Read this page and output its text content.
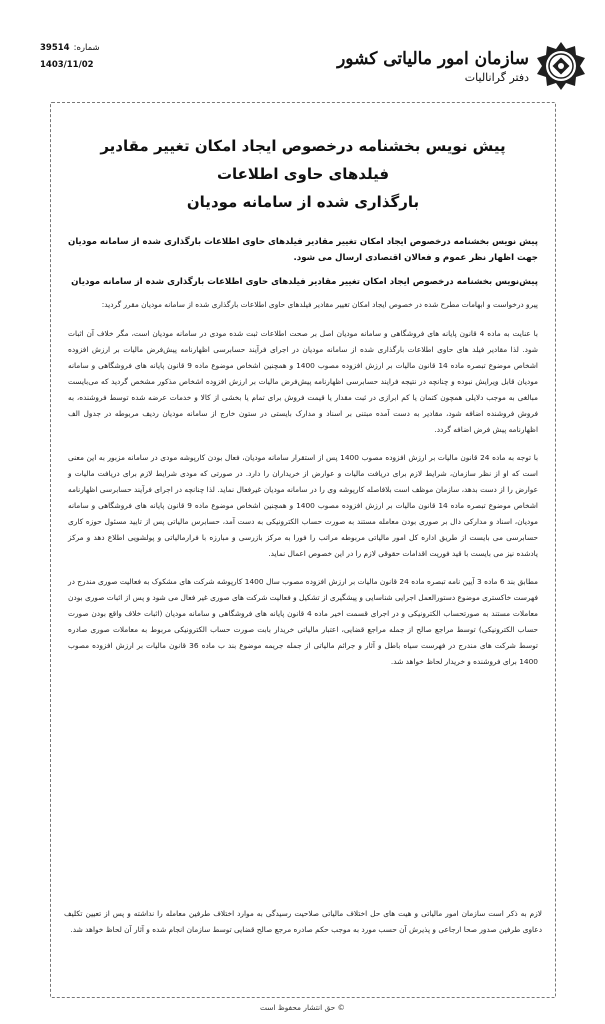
شماره:
39514
1403/11/02	سازمان امور مالیاتی کشور
دفتر گرانالیات
پیش نویس بخشنامه درخصوص ایجاد امکان تغییر مقادیر فیلدهای حاوی اطلاعات
بارگذاری شده از سامانه مودیان
پیش نویس بخشنامه درخصوص ایجاد امکان تغییر مقادیر فیلدهای حاوی اطلاعات بارگذاری شده از سامانه مودیان جهت اظهار نظر عموم و فعالان اقتصادی ارسال می شود.
پیش‌نویس بخشنامه درخصوص ایجاد امکان تغییر مقادیر فیلدهای حاوی اطلاعات بارگذاری شده از سامانه مودیان
پیرو درخواست و ابهامات مطرح شده در خصوص ایجاد امکان تغییر مقادیر فیلدهای حاوی اطلاعات بارگذاری شده از سامانه مودیان مقرر گردید:
با عنایت به ماده 4 قانون پایانه های فروشگاهی و سامانه مودیان اصل بر صحت اطلاعات ثبت شده مودی در سامانه مودیان است، مگر خلاف آن اثبات شود. لذا مقادیر فیلد های حاوی اطلاعات بارگذاری شده از سامانه مودیان در اجرای فرآیند حسابرسی اظهارنامه پیش‌فرض مالیات بر ارزش افزوده اشخاص موضوع تبصره ماده 14 قانون مالیات بر ارزش افزوده مصوب 1400 و همچنین اشخاص موضوع ماده 9 قانون پایانه های فروشگاهی و سامانه مودیان قابل ویرایش نبوده و چنانچه در نتیجه فرایند حسابرسی اظهارنامه پیش‌فرض مالیات بر ارزش افزوده اشخاص مذکور مشخص گردید که می‌بایست مبالغی به موجب دلایلی همچون کتمان یا کم ابرازی در ثبت مقدار یا قیمت فروش برای تمام یا بخشی از کالا و خدمات عرضه شده توسط فروشنده، به فروش فروشنده اضافه شود، مقادیر به دست آمده مبتنی بر اسناد و مدارک بایستی در ستون خارج از سامانه مودیان ردیف مربوطه در جدول الف اظهارنامه پیش فرض اضافه گردد.
با توجه به ماده 24 قانون مالیات بر ارزش افزوده مصوب 1400 پس از استقرار سامانه مودیان، فعال بودن کارپوشه مودی در سامانه مزبور به این معنی است که او از نظر سازمان، شرایط لازم برای دریافت مالیات و عوارض از خریداران را دارد. در صورتی که مودی شرایط لازم برای دریافت مالیات و عوارض را از دست بدهد، سازمان موظف است بلافاصله کارپوشه وی را در سامانه مودیان غیرفعال نماید. لذا چنانچه در اجرای فرآیند حسابرسی اظهارنامه اشخاص موضوع تبصره ماده 14 قانون مالیات بر ارزش افزوده مصوب 1400 و همچنین اشخاص موضوع ماده 9 قانون پایانه های فروشگاهی و سامانه مودیان، اسناد و مدارکی دال بر صوری بودن معامله مستند به صورت حساب الکترونیکی به دست آمد، حسابرس مالیاتی پس از تایید مسئول حوزه کاری حسابرسی می بایست از طریق اداره کل امور مالیاتی مربوطه مراتب را فورا به مرکز بازرسی و مبارزه با فرارمالیاتی و پولشویی اطلاع دهد و مرکز یادشده نیز می بایست با قید فوریت اقدامات حقوقی لازم را در این خصوص اعمال نماید.
مطابق بند 6 ماده 3 آیین نامه تبصره ماده 24 قانون مالیات بر ارزش افزوده مصوب سال 1400 کارپوشه شرکت های مشکوک به فعالیت صوری مندرج در فهرست خاکستری موضوع دستورالعمل اجرایی شناسایی و پیشگیری از تشکیل و فعالیت شرکت های صوری غیر فعال می شود و پس از اثبات صوری بودن معاملات مستند به صورتحساب الکترونیکی و در اجرای قسمت اخیر ماده 4 قانون پایانه های فروشگاهی و سامانه مودیان (اثبات خلاف واقع بودن صورت حساب الکترونیکی) توسط مراجع صالح از جمله مراجع قضایی، اعتبار مالیاتی خریدار بابت صورت حساب الکترونیکی مربوط به معاملات صوری صادره توسط شرکت های مندرج در فهرست سیاه باطل و آثار و جرائم مالیاتی از جمله جریمه موضوع بند ب ماده 36 قانون مالیات بر ارزش افزوده مصوب 1400 برای فروشنده و خریدار لحاظ خواهد شد.
لازم به ذکر است سازمان امور مالیاتی و هیت های حل اختلاف مالیاتی صلاحیت رسیدگی به موارد اختلاف طرفین معامله را نداشته و پس از تعیین تکلیف دعاوی طرفین صدور صحا ارجاعی و پذیرش آن حسب مورد به موجب حکم صادره مرجع صالح قضایی توسط سازمان انجام شده و آثار آن لحاظ خواهد شد.
© حق انتشار محفوظ است
